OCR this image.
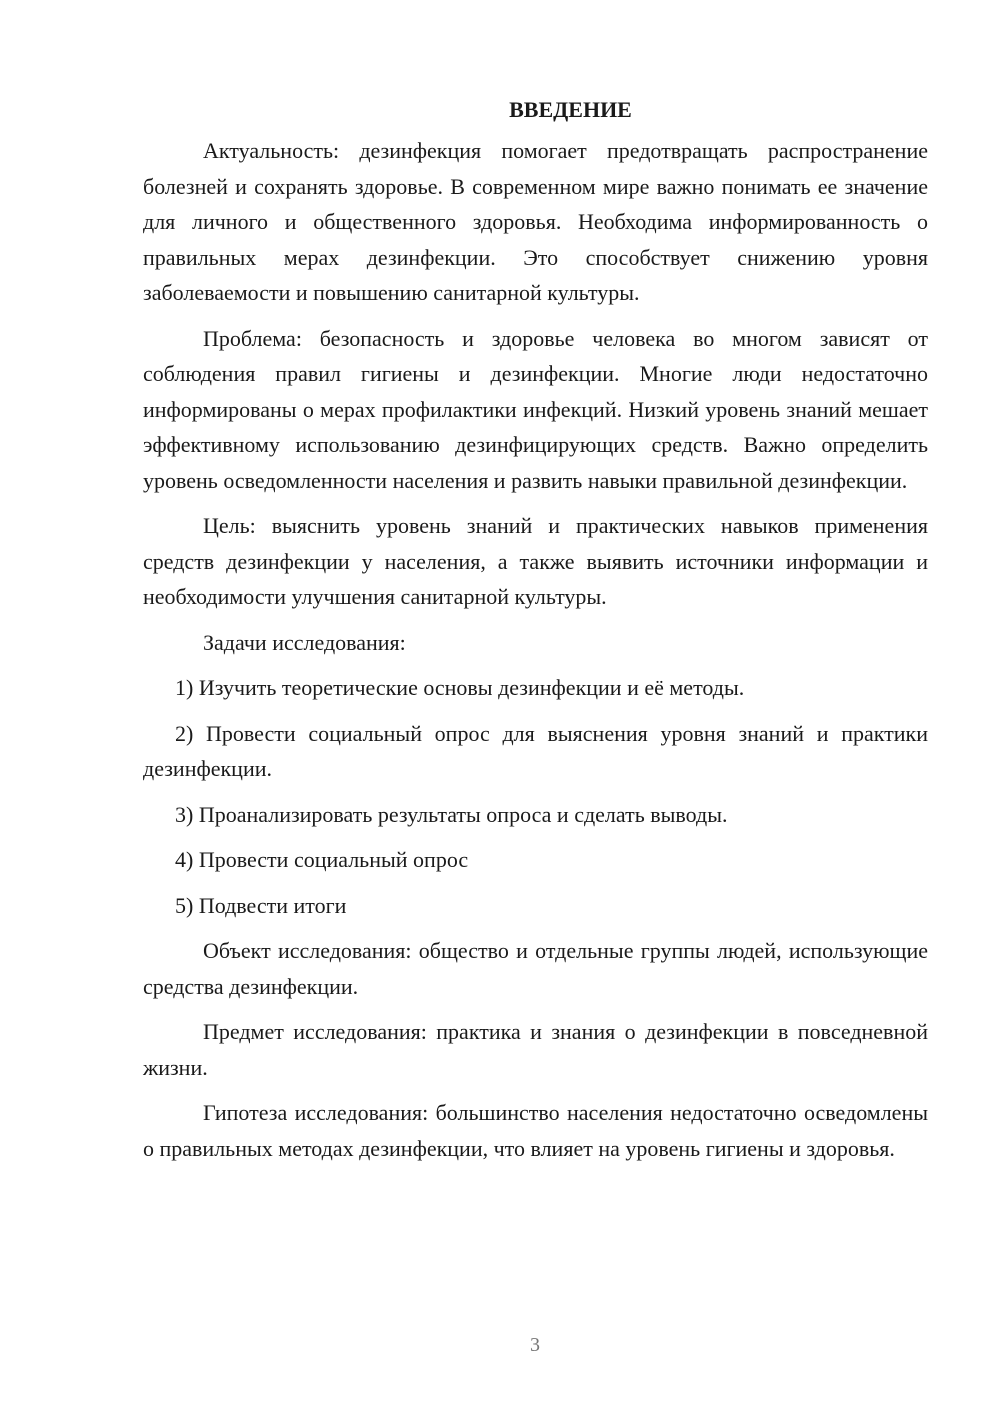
ВВЕДЕНИЕ

Актуальность: дезинфекция помогает предотвращать распространение болезней и сохранять здоровье. В современном мире важно понимать ее значение для личного и общественного здоровья. Необходима информированность о правильных мерах дезинфекции. Это способствует снижению уровня заболеваемости и повышению санитарной культуры.

Проблема: безопасность и здоровье человека во многом зависят от соблюдения правил гигиены и дезинфекции. Многие люди недостаточно информированы о мерах профилактики инфекций. Низкий уровень знаний мешает эффективному использованию дезинфицирующих средств. Важно определить уровень осведомленности населения и развить навыки правильной дезинфекции.

Цель: выяснить уровень знаний и практических навыков применения средств дезинфекции у населения, а также выявить источники информации и необходимости улучшения санитарной культуры.

Задачи исследования:

1) Изучить теоретические основы дезинфекции и её методы.

2) Провести социальный опрос для выяснения уровня знаний и практики дезинфекции.

3) Проанализировать результаты опроса и сделать выводы.

4) Провести социальный опрос

5) Подвести итоги

Объект исследования: общество и отдельные группы людей, использующие средства дезинфекции.

Предмет исследования: практика и знания о дезинфекции в повседневной жизни.

Гипотеза исследования: большинство населения недостаточно осведомлены о правильных методах дезинфекции, что влияет на уровень гигиены и здоровья.

3
